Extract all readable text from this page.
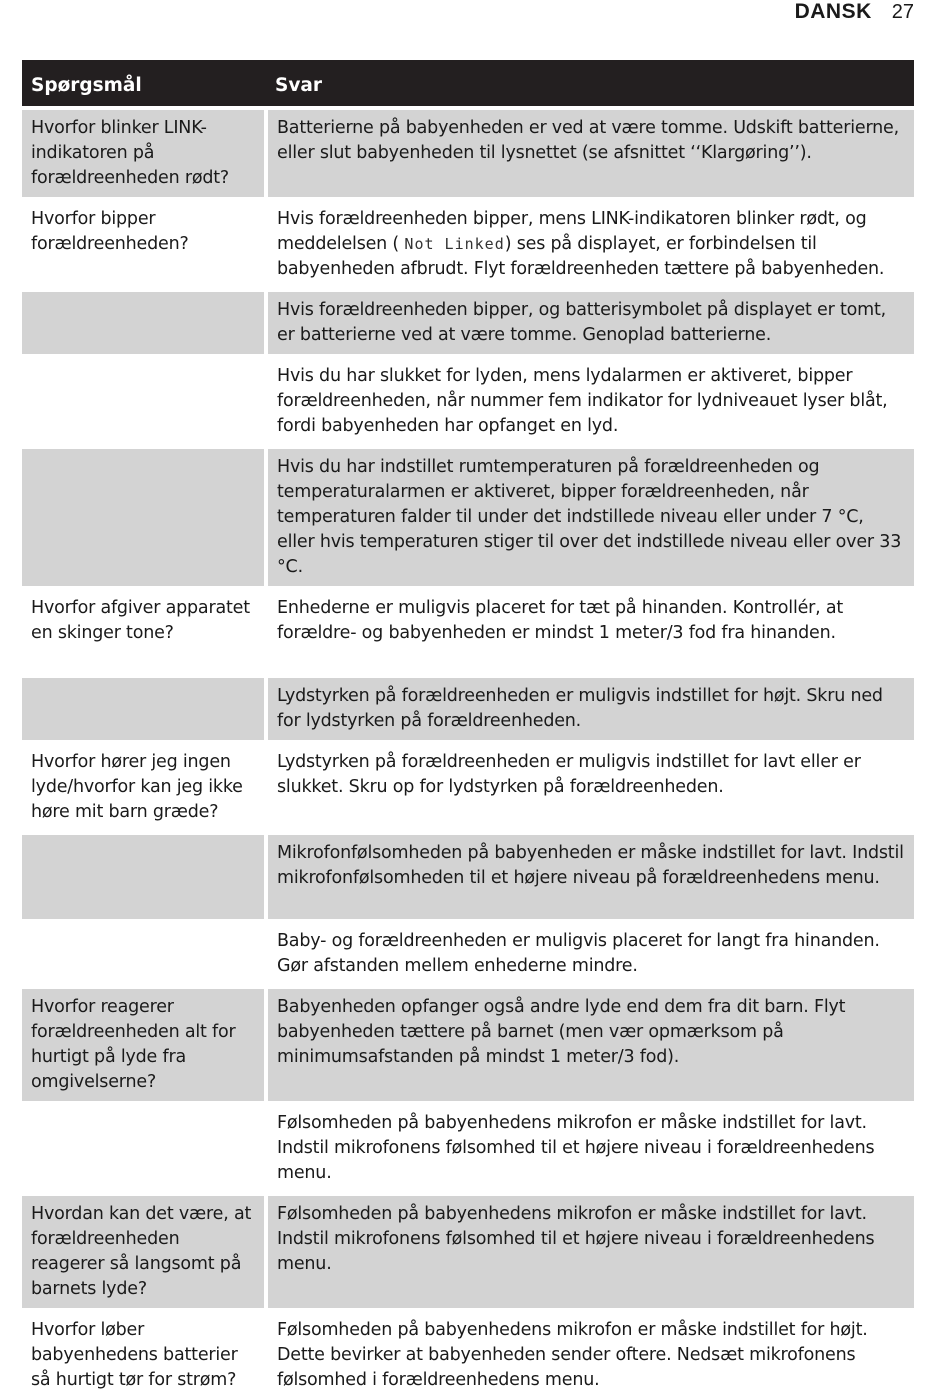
DANSK 27
Spørgsmål	Svar
Hvorfor blinker LINK-indikatoren på forældreenheden rødt?	Batterierne på babyenheden er ved at være tomme. Udskift batterierne, eller slut babyenheden til lysnettet (se afsnittet ‘‘Klargøring’’).
Hvorfor bipper forældreenheden?	Hvis forældreenheden bipper, mens LINK-indikatoren blinker rødt, og meddelelsen ( Not Linked) ses på displayet, er forbindelsen til babyenheden afbrudt. Flyt forældreenheden tættere på babyenheden.
	Hvis forældreenheden bipper, og batterisymbolet på displayet er tomt, er batterierne ved at være tomme. Genoplad batterierne.
	Hvis du har slukket for lyden, mens lydalarmen er aktiveret, bipper forældreenheden, når nummer fem indikator for lydniveauet lyser blåt, fordi babyenheden har opfanget en lyd.
	Hvis du har indstillet rumtemperaturen på forældreenheden og temperaturalarmen er aktiveret, bipper forældreenheden, når temperaturen falder til under det indstillede niveau eller under 7 °C, eller hvis temperaturen stiger til over det indstillede niveau eller over 33 °C.
Hvorfor afgiver apparatet en skinger tone?	Enhederne er muligvis placeret for tæt på hinanden. Kontrollér, at forældre- og babyenheden er mindst 1 meter/3 fod fra hinanden.
	Lydstyrken på forældreenheden er muligvis indstillet for højt. Skru ned for lydstyrken på forældreenheden.
Hvorfor hører jeg ingen lyde/hvorfor kan jeg ikke høre mit barn græde?	Lydstyrken på forældreenheden er muligvis indstillet for lavt eller er slukket. Skru op for lydstyrken på forældreenheden.
	Mikrofonfølsomheden på babyenheden er måske indstillet for lavt. Indstil mikrofonfølsomheden til et højere niveau på forældreenhedens menu.
	Baby- og forældreenheden er muligvis placeret for langt fra hinanden. Gør afstanden mellem enhederne mindre.
Hvorfor reagerer forældreenheden alt for hurtigt på lyde fra omgivelserne?	Babyenheden opfanger også andre lyde end dem fra dit barn. Flyt babyenheden tættere på barnet (men vær opmærksom på minimumsafstanden på mindst 1 meter/3 fod).
	Følsomheden på babyenhedens mikrofon er måske indstillet for lavt. Indstil mikrofonens følsomhed til et højere niveau i forældreenhedens menu.
Hvordan kan det være, at forældreenheden reagerer så langsomt på barnets lyde?	Følsomheden på babyenhedens mikrofon er måske indstillet for lavt. Indstil mikrofonens følsomhed til et højere niveau i forældreenhedens menu.
Hvorfor løber babyenhedens batterier så hurtigt tør for strøm?	Følsomheden på babyenhedens mikrofon er måske indstillet for højt. Dette bevirker at babyenheden sender oftere. Nedsæt mikrofonens følsomhed i forældreenhedens menu.
